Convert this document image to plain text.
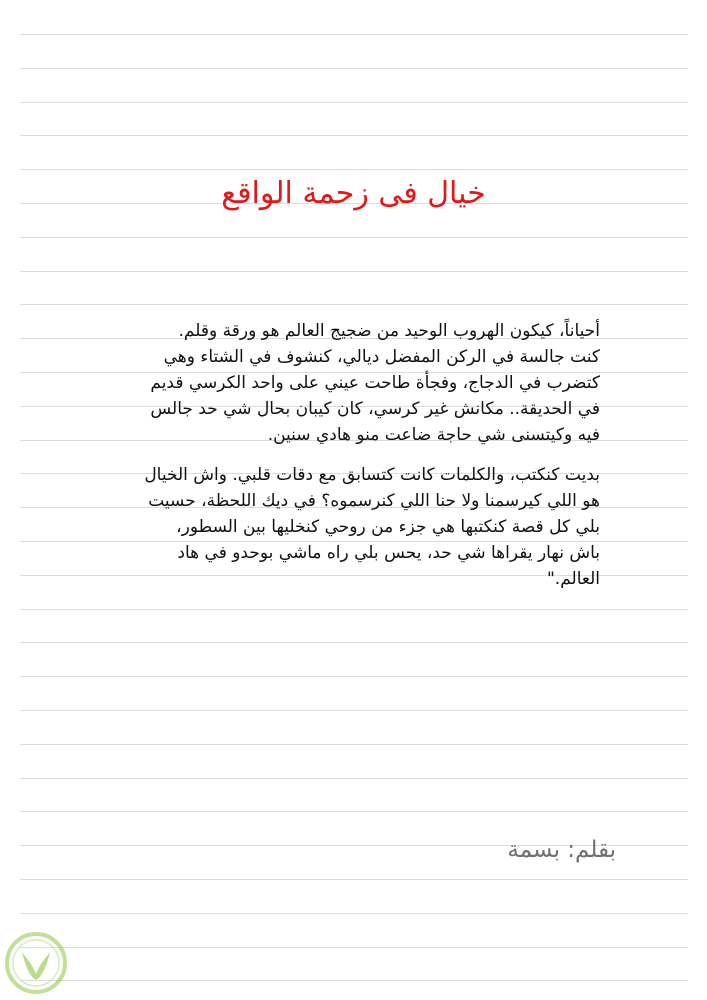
خيال فى زحمة الواقع

أحياناً، كيكون الهروب الوحيد من ضجيج العالم هو ورقة وقلم.
كنت جالسة في الركن المفضل ديالي، كنشوف في الشتاء وهي
كتضرب في الدجاج، وفجأة طاحت عيني على واحد الكرسي قديم
في الحديقة.. مكانش غير كرسي، كان كيبان بحال شي حد جالس
فيه وكيتسنى شي حاجة ضاعت منو هادي سنين.

بديت كنكتب، والكلمات كانت كتسابق مع دقات قلبي. واش الخيال
هو اللي كيرسمنا ولا حنا اللي كنرسموه؟ في ديك اللحظة، حسيت
بلي كل قصة كنكتبها هي جزء من روحي كنخليها بين السطور،
باش نهار يقراها شي حد، يحس بلي راه ماشي بوحدو في هاد
العالم."

بقلم: بسمة
